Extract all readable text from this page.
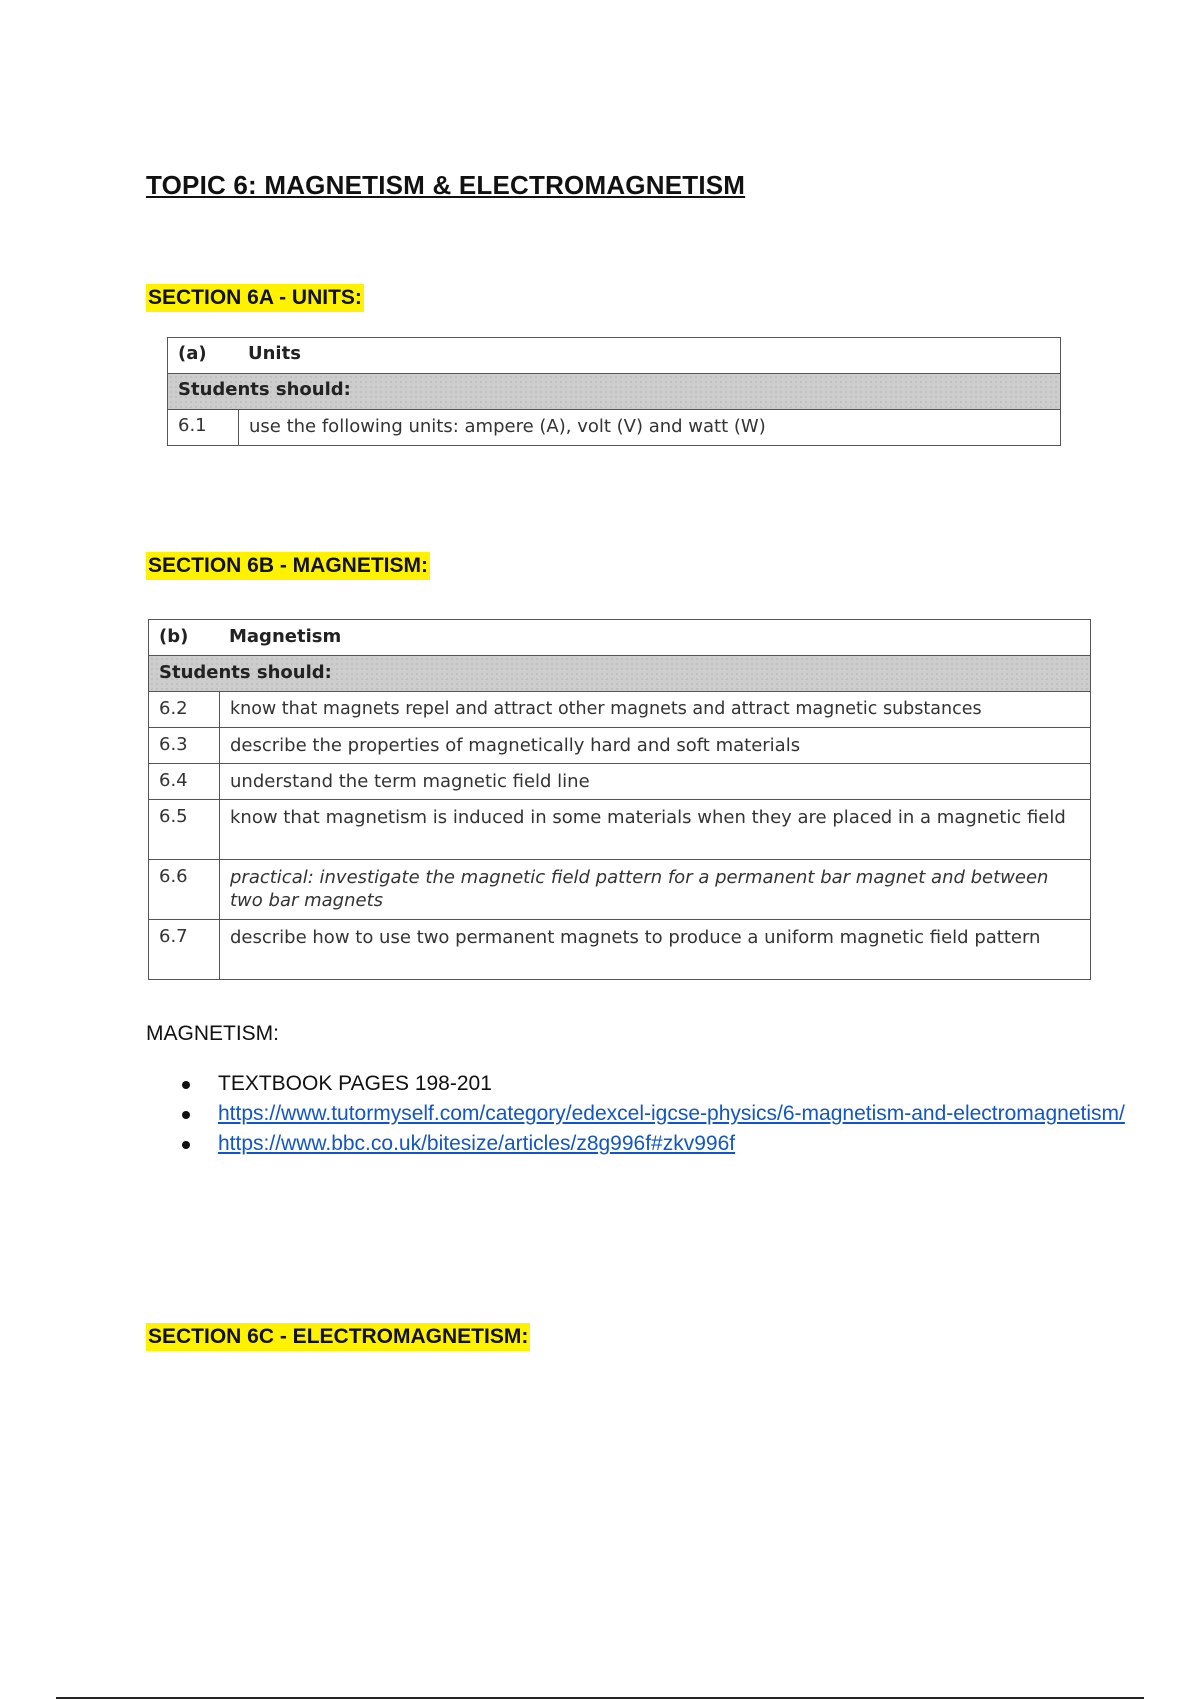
TOPIC 6: MAGNETISM & ELECTROMAGNETISM
SECTION 6A - UNITS:
(a) Units
Students should:
6.1	use the following units: ampere (A), volt (V) and watt (W)
SECTION 6B - MAGNETISM:
(b) Magnetism	
Students should:	
6.2	know that magnets repel and attract other magnets and attract magnetic substances
6.3	describe the properties of magnetically hard and soft materials
6.4	understand the term magnetic field line
6.5	know that magnetism is induced in some materials when they are placed in a magnetic field
6.6	practical: investigate the magnetic field pattern for a permanent bar magnet and between two bar magnets
6.7	describe how to use two permanent magnets to produce a uniform magnetic field pattern

MAGNETISM:

TEXTBOOK PAGES 198-201
https://www.tutormyself.com/category/edexcel-igcse-physics/6-magnetism-and-electromagnetism/
https://www.bbc.co.uk/bitesize/articles/z8g996f#zkv996f
SECTION 6C - ELECTROMAGNETISM:
